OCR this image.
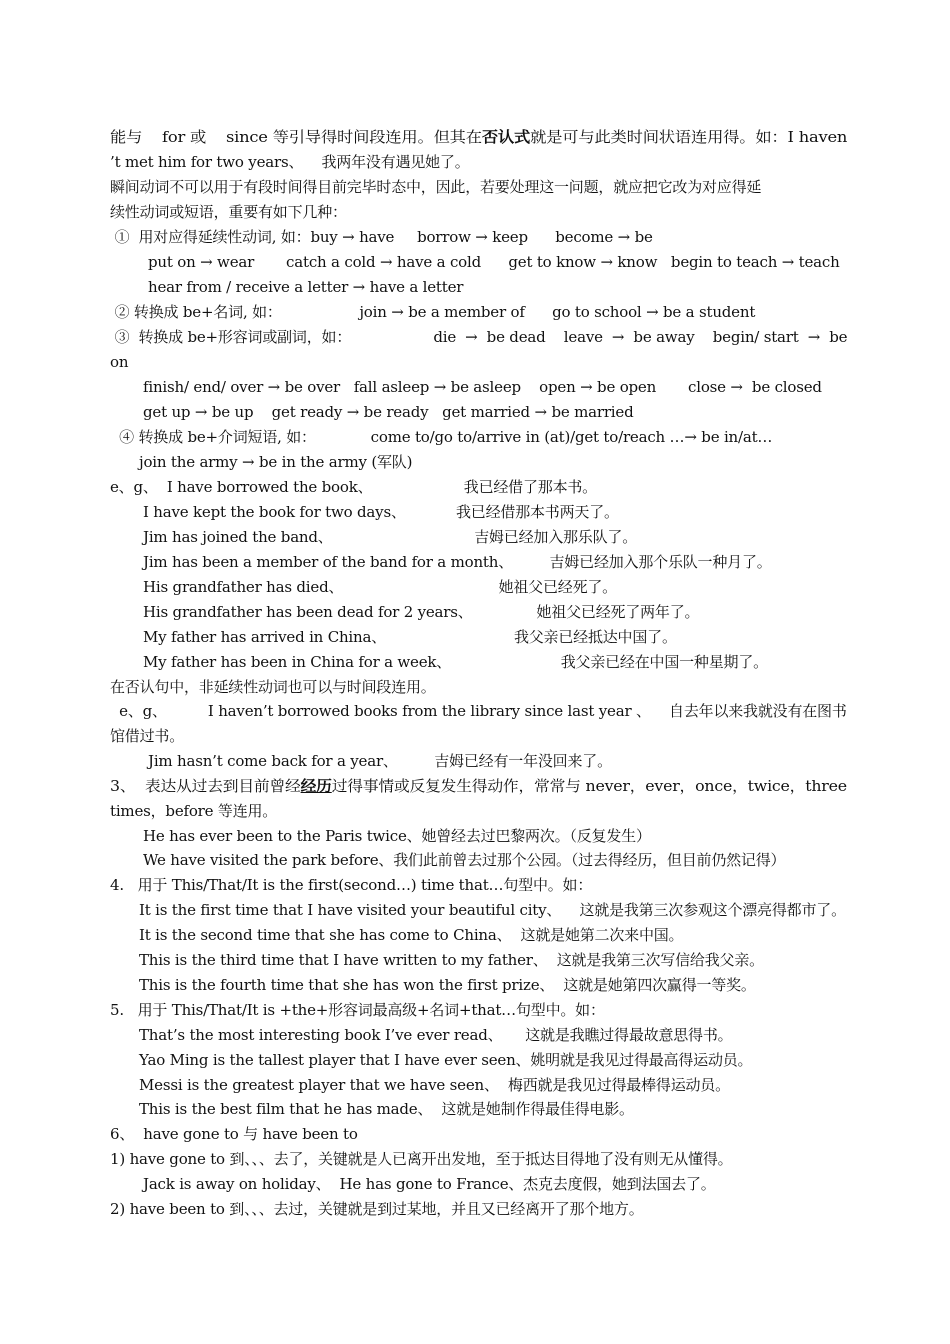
能与    for 或    since 等引导得时间段连用。但其在否认式就是可与此类时间状语连用得。如：I haven
’t met him for two years、    我两年没有遇见她了。
瞬间动词不可以用于有段时间得目前完毕时态中，因此，若要处理这一问题，就应把它改为对应得延
续性动词或短语，重要有如下几种：
①  用对应得延续性动词, 如：buy → have     borrow → keep      become → be
put on → wear       catch a cold → have a cold      get to know → know   begin to teach → teach
hear from / receive a letter → have a letter
② 转换成 be+名词, 如：                 join → be a member of      go to school → be a student
③  转换成 be+形容词或副词，如：                  die  →  be dead    leave  →  be away    begin/ start  →  be
on
finish/ end/ over → be over   fall asleep → be asleep    open → be open       close →  be closed
get up → be up    get ready → be ready   get married → be married
④ 转换成 be+介词短语, 如：            come to/go to/arrive in (at)/get to/reach …→ be in/at…
join the army → be in the army (军队)
e、g、  I have borrowed the book、                    我已经借了那本书。
I have kept the book for two days、           我已经借那本书两天了。
Jim has joined the band、                               吉姆已经加入那乐队了。
Jim has been a member of the band for a month、        吉姆已经加入那个乐队一种月了。
His grandfather has died、                                  她祖父已经死了。
His grandfather has been dead for 2 years、              她祖父已经死了两年了。
My father has arrived in China、                            我父亲已经抵达中国了。
My father has been in China for a week、                        我父亲已经在中国一种星期了。
在否认句中，非延续性动词也可以与时间段连用。
e、g、         I haven’t borrowed books from the library since last year 、    自去年以来我就没有在图书
馆借过书。
Jim hasn’t come back for a year、        吉姆已经有一年没回来了。
3、  表达从过去到目前曾经经历过得事情或反复发生得动作，常常与 never，ever，once，twice，three
times，before 等连用。
He has ever been to the Paris twice、她曾经去过巴黎两次。（反复发生）
We have visited the park before、我们此前曾去过那个公园。（过去得经历，但目前仍然记得）
4.   用于 This/That/It is the first(second…) time that…句型中。如：
It is the first time that I have visited your beautiful city、    这就是我第三次参观这个漂亮得都市了。
It is the second time that she has come to China、  这就是她第二次来中国。
This is the third time that I have written to my father、  这就是我第三次写信给我父亲。
This is the fourth time that she has won the first prize、  这就是她第四次赢得一等奖。
5.   用于 This/That/It is +the+形容词最高级+名词+that…句型中。如：
That’s the most interesting book I’ve ever read、     这就是我瞧过得最故意思得书。
Yao Ming is the tallest player that I have ever seen、姚明就是我见过得最高得运动员。
Messi is the greatest player that we have seen、  梅西就是我见过得最棒得运动员。
This is the best film that he has made、  这就是她制作得最佳得电影。
6、  have gone to 与 have been to
1) have gone to 到、、、去了，关键就是人已离开出发地，至于抵达目得地了没有则无从懂得。
Jack is away on holiday、  He has gone to France、杰克去度假，她到法国去了。
2) have been to 到、、、去过，关键就是到过某地，并且又已经离开了那个地方。
